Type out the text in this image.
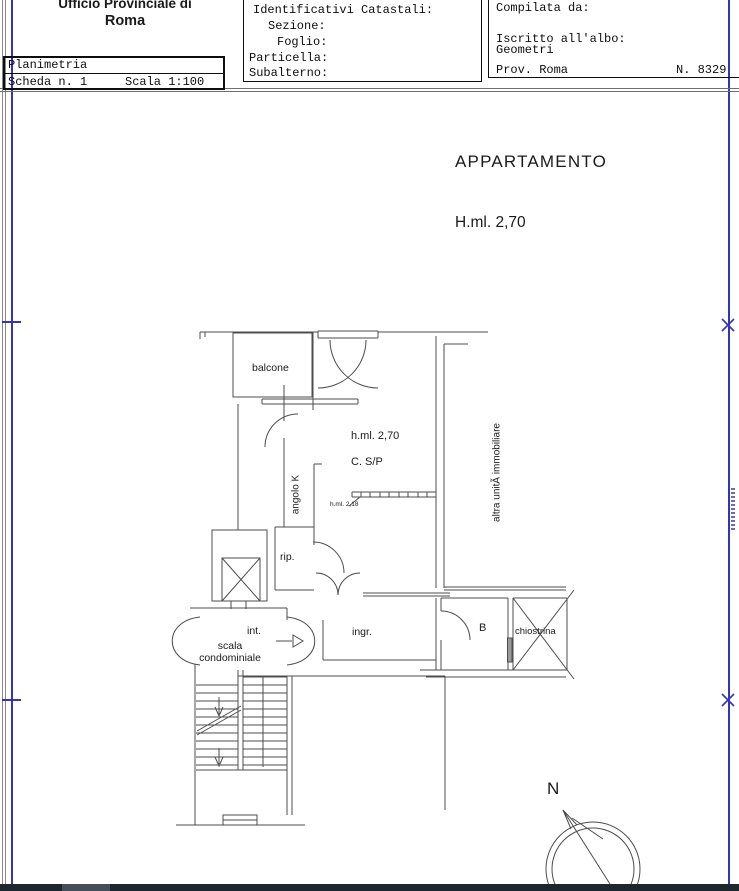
Ufficio Provinciale di
Roma
Planimetria
Scheda n. 1	Scala 1:100
Identificativi Catastali:
Sezione:
Foglio:
Particella:
Subalterno:
Compilata da:
Iscritto all'albo:
Geometri
Prov. Roma	N. 8329
APPARTAMENTO
H.ml. 2,70
balcone
h.ml. 2,70
C. S/P
angolo K	h.ml. 2,18	altra unitÃ immobiliare
rip.
int.	ingr.
scala
condominiale
B	chiostrina
N
